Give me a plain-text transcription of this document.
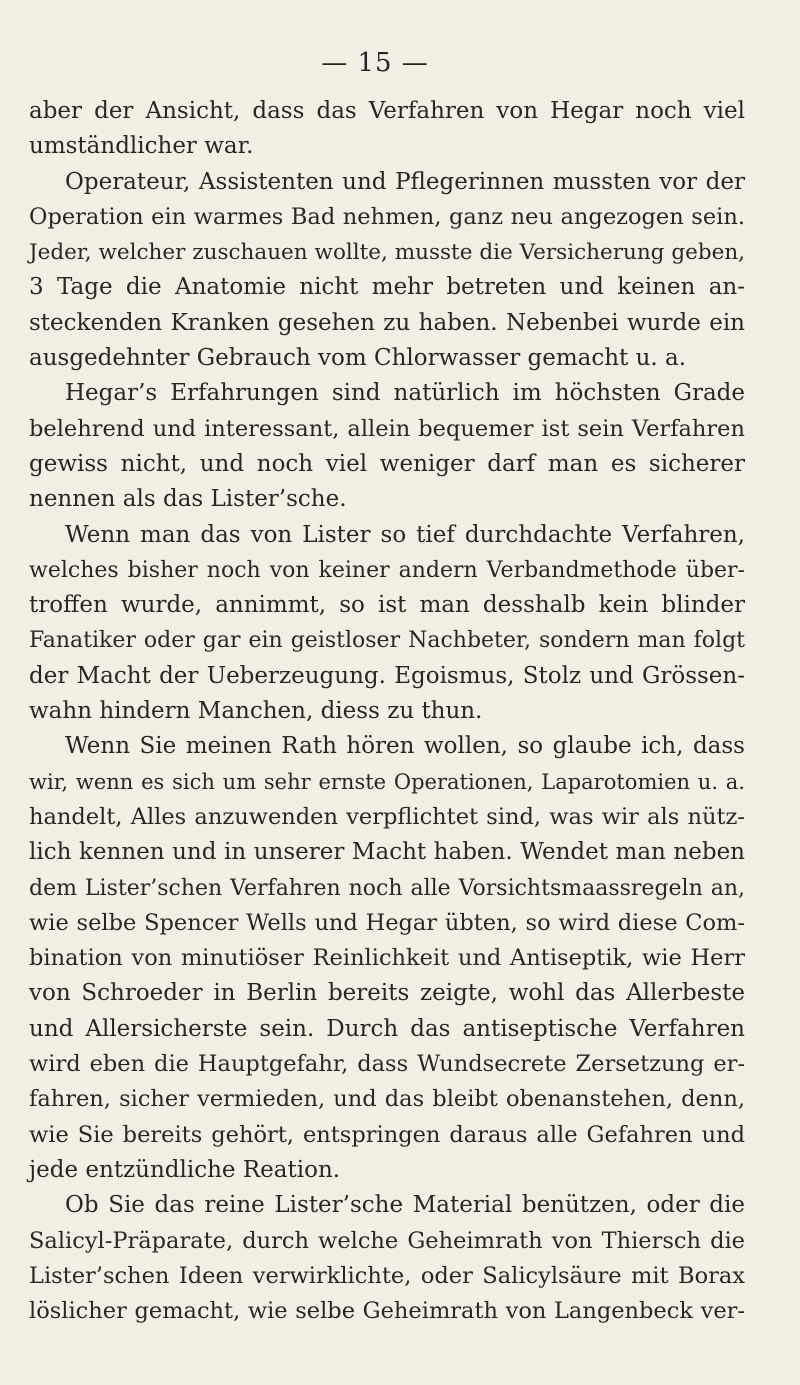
— 15 —
aber der Ansicht, dass das Verfahren von Hegar noch viel
umständlicher war.
Operateur, Assistenten und Pflegerinnen mussten vor der
Operation ein warmes Bad nehmen, ganz neu angezogen sein.
Jeder, welcher zuschauen wollte, musste die Versicherung geben,
3 Tage die Anatomie nicht mehr betreten und keinen an-
steckenden Kranken gesehen zu haben. Nebenbei wurde ein
ausgedehnter Gebrauch vom Chlorwasser gemacht u. a.
Hegar’s Erfahrungen sind natürlich im höchsten Grade
belehrend und interessant, allein bequemer ist sein Verfahren
gewiss nicht, und noch viel weniger darf man es sicherer
nennen als das Lister’sche.
Wenn man das von Lister so tief durchdachte Verfahren,
welches bisher noch von keiner andern Verbandmethode über-
troffen wurde, annimmt, so ist man desshalb kein blinder
Fanatiker oder gar ein geistloser Nachbeter, sondern man folgt
der Macht der Ueberzeugung. Egoismus, Stolz und Grössen-
wahn hindern Manchen, diess zu thun.
Wenn Sie meinen Rath hören wollen, so glaube ich, dass
wir, wenn es sich um sehr ernste Operationen, Laparotomien u. a.
handelt, Alles anzuwenden verpflichtet sind, was wir als nütz-
lich kennen und in unserer Macht haben. Wendet man neben
dem Lister’schen Verfahren noch alle Vorsichtsmaassregeln an,
wie selbe Spencer Wells und Hegar übten, so wird diese Com-
bination von minutiöser Reinlichkeit und Antiseptik, wie Herr
von Schroeder in Berlin bereits zeigte, wohl das Allerbeste
und Allersicherste sein. Durch das antiseptische Verfahren
wird eben die Hauptgefahr, dass Wundsecrete Zersetzung er-
fahren, sicher vermieden, und das bleibt obenanstehen, denn,
wie Sie bereits gehört, entspringen daraus alle Gefahren und
jede entzündliche Reation.
Ob Sie das reine Lister’sche Material benützen, oder die
Salicyl-Präparate, durch welche Geheimrath von Thiersch die
Lister’schen Ideen verwirklichte, oder Salicylsäure mit Borax
löslicher gemacht, wie selbe Geheimrath von Langenbeck ver-
